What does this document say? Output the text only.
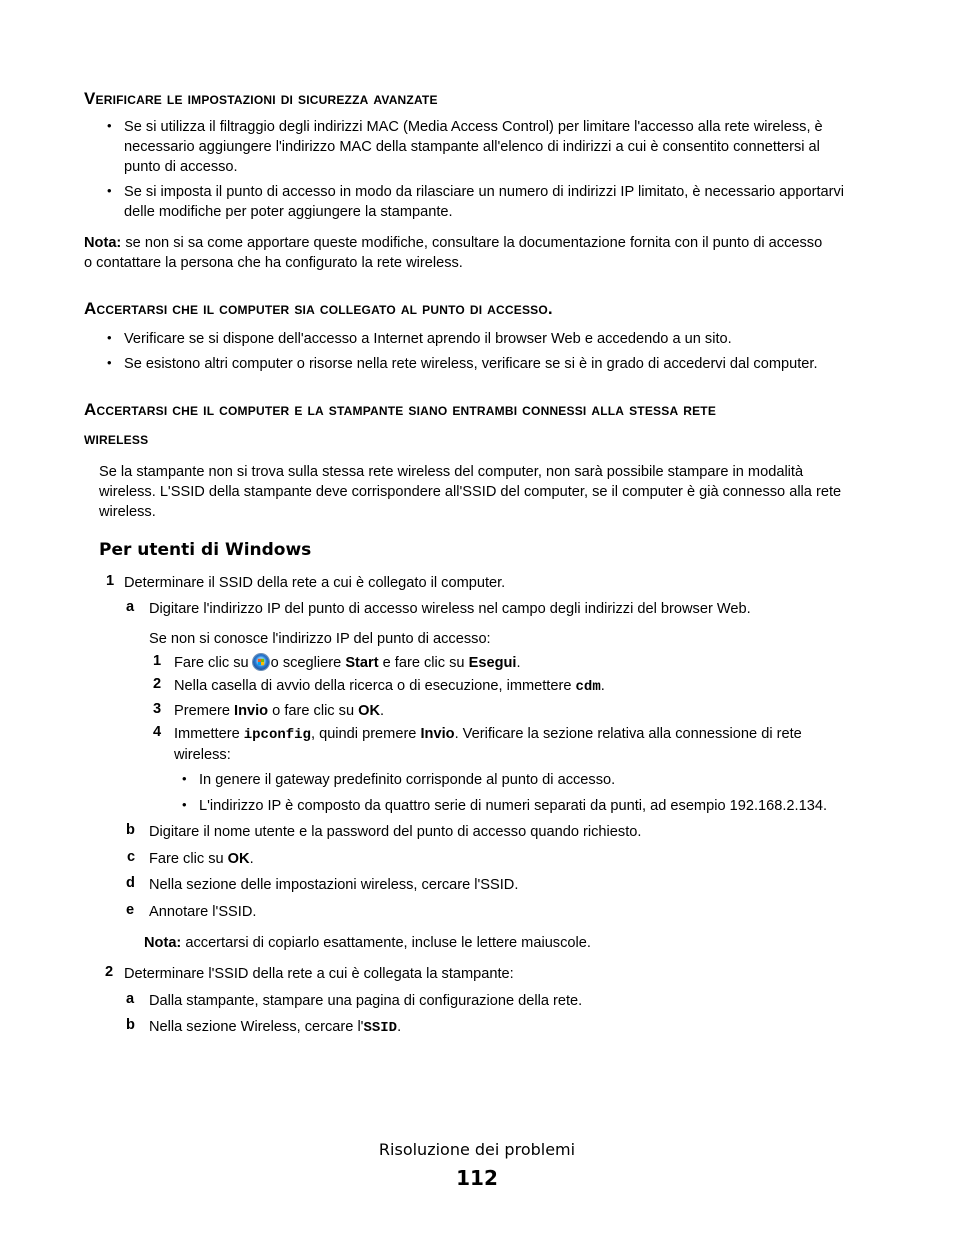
Verificare le impostazioni di sicurezza avanzate
• Se si utilizza il filtraggio degli indirizzi MAC (Media Access Control) per limitare l'accesso alla rete wireless, è
necessario aggiungere l'indirizzo MAC della stampante all'elenco di indirizzi a cui è consentito connettersi al
punto di accesso.
• Se si imposta il punto di accesso in modo da rilasciare un numero di indirizzi IP limitato, è necessario apportarvi
delle modifiche per poter aggiungere la stampante.
Nota: se non si sa come apportare queste modifiche, consultare la documentazione fornita con il punto di accesso
o contattare la persona che ha configurato la rete wireless.
Accertarsi che il computer sia collegato al punto di accesso.
• Verificare se si dispone dell'accesso a Internet aprendo il browser Web e accedendo a un sito.
• Se esistono altri computer o risorse nella rete wireless, verificare se si è in grado di accedervi dal computer.
Accertarsi che il computer e la stampante siano entrambi connessi alla stessa rete
wireless
Se la stampante non si trova sulla stessa rete wireless del computer, non sarà possibile stampare in modalità
wireless. L'SSID della stampante deve corrispondere all'SSID del computer, se il computer è già connesso alla rete
wireless.
Per utenti di Windows
1 Determinare il SSID della rete a cui è collegato il computer.
a Digitare l'indirizzo IP del punto di accesso wireless nel campo degli indirizzi del browser Web.
Se non si conosce l'indirizzo IP del punto di accesso:
1 Fare clic su o scegliere Start e fare clic su Esegui.
2 Nella casella di avvio della ricerca o di esecuzione, immettere cdm.
3 Premere Invio o fare clic su OK.
4 Immettere ipconfig, quindi premere Invio. Verificare la sezione relativa alla connessione di rete
wireless:
• In genere il gateway predefinito corrisponde al punto di accesso.
• L'indirizzo IP è composto da quattro serie di numeri separati da punti, ad esempio 192.168.2.134.
b Digitare il nome utente e la password del punto di accesso quando richiesto.
c Fare clic su OK.
d Nella sezione delle impostazioni wireless, cercare l'SSID.
e Annotare l'SSID.
Nota: accertarsi di copiarlo esattamente, incluse le lettere maiuscole.
2 Determinare l'SSID della rete a cui è collegata la stampante:
a Dalla stampante, stampare una pagina di configurazione della rete.
b Nella sezione Wireless, cercare l'SSID.
Risoluzione dei problemi
112
